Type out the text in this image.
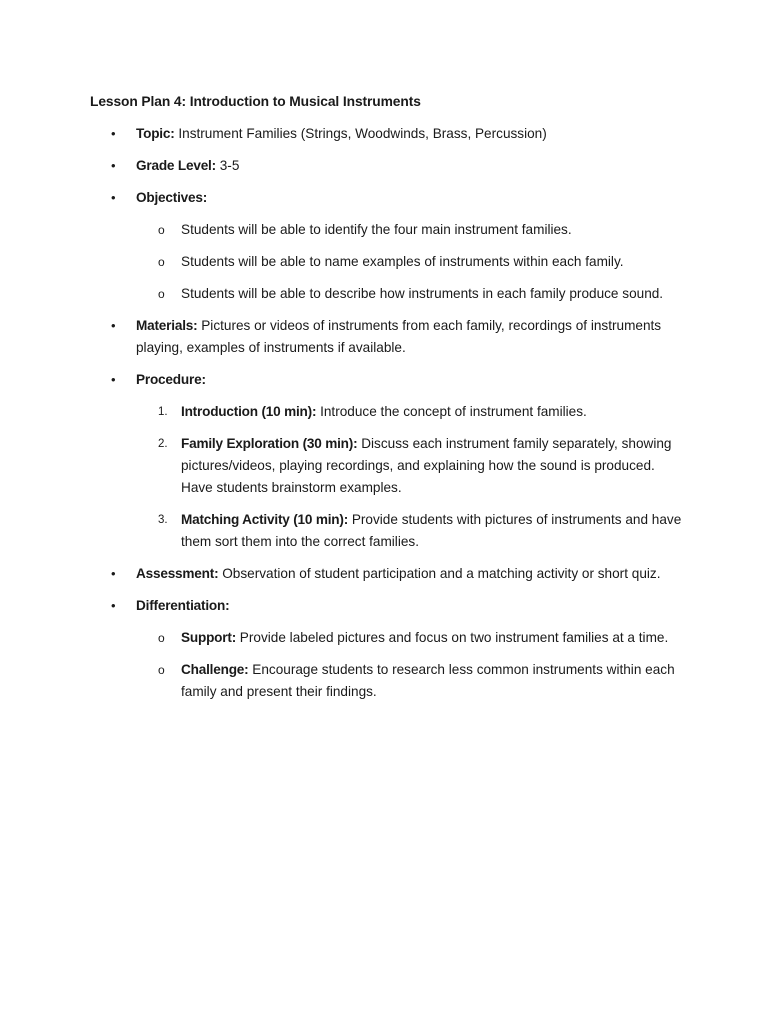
Lesson Plan 4: Introduction to Musical Instruments
• Topic: Instrument Families (Strings, Woodwinds, Brass, Percussion)
• Grade Level: 3-5
• Objectives:
o Students will be able to identify the four main instrument families.
o Students will be able to name examples of instruments within each family.
o Students will be able to describe how instruments in each family produce sound.
• Materials: Pictures or videos of instruments from each family, recordings of instruments playing, examples of instruments if available.
• Procedure:
1. Introduction (10 min): Introduce the concept of instrument families.
2. Family Exploration (30 min): Discuss each instrument family separately, showing pictures/videos, playing recordings, and explaining how the sound is produced. Have students brainstorm examples.
3. Matching Activity (10 min): Provide students with pictures of instruments and have them sort them into the correct families.
• Assessment: Observation of student participation and a matching activity or short quiz.
• Differentiation:
o Support: Provide labeled pictures and focus on two instrument families at a time.
o Challenge: Encourage students to research less common instruments within each family and present their findings.
